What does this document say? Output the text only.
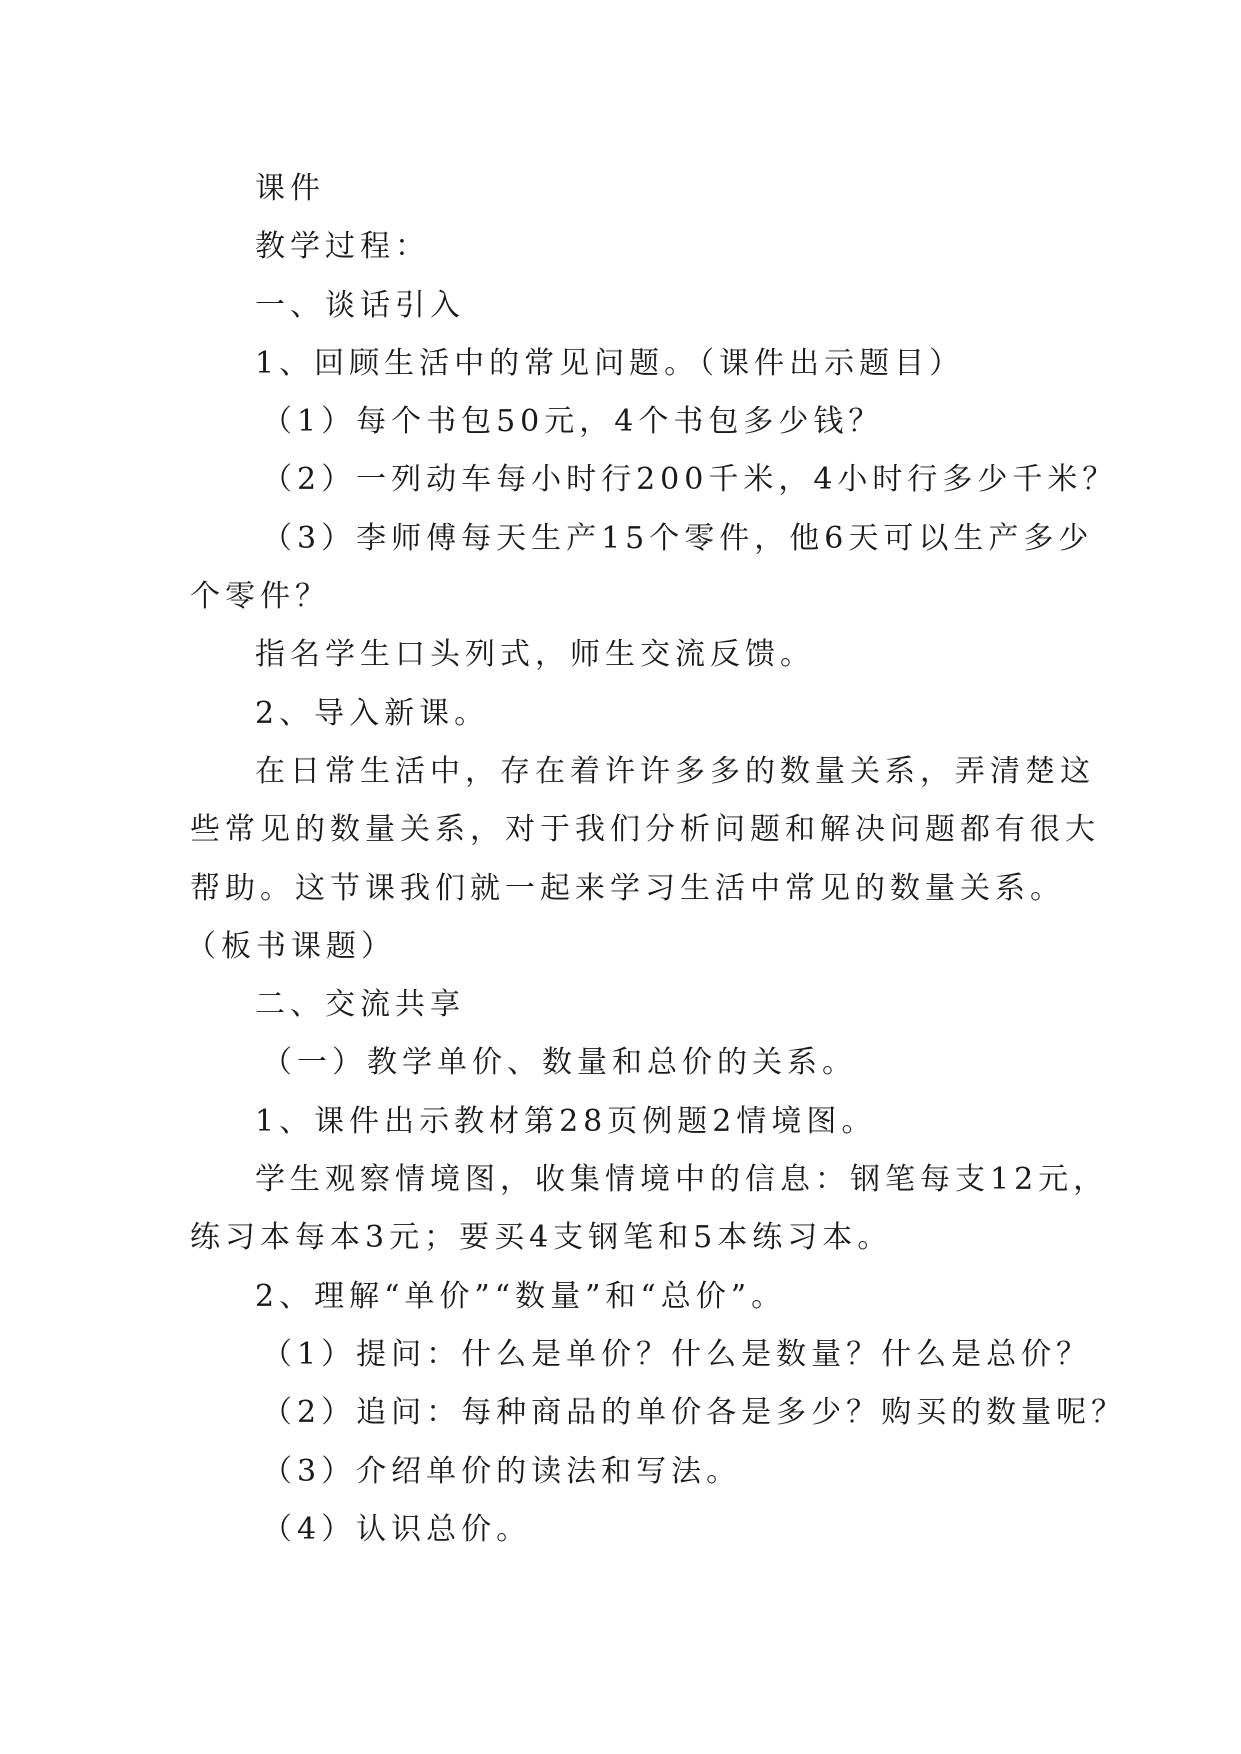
课件

教学过程：

一、谈话引入

1、回顾生活中的常见问题。（课件出示题目）

（1）每个书包50元，4个书包多少钱？

（2）一列动车每小时行200千米，4小时行多少千米？

（3）李师傅每天生产15个零件，他6天可以生产多少

个零件？

指名学生口头列式，师生交流反馈。

2、导入新课。

在日常生活中，存在着许许多多的数量关系，弄清楚这

些常见的数量关系，对于我们分析问题和解决问题都有很大

帮助。这节课我们就一起来学习生活中常见的数量关系。

（板书课题）

二、交流共享

（一）教学单价、数量和总价的关系。

1、课件出示教材第28页例题2情境图。

学生观察情境图，收集情境中的信息：钢笔每支12元，

练习本每本3元；要买4支钢笔和5本练习本。

2、理解“单价”“数量”和“总价”。

（1）提问：什么是单价？什么是数量？什么是总价？

（2）追问：每种商品的单价各是多少？购买的数量呢？

（3）介绍单价的读法和写法。

（4）认识总价。
